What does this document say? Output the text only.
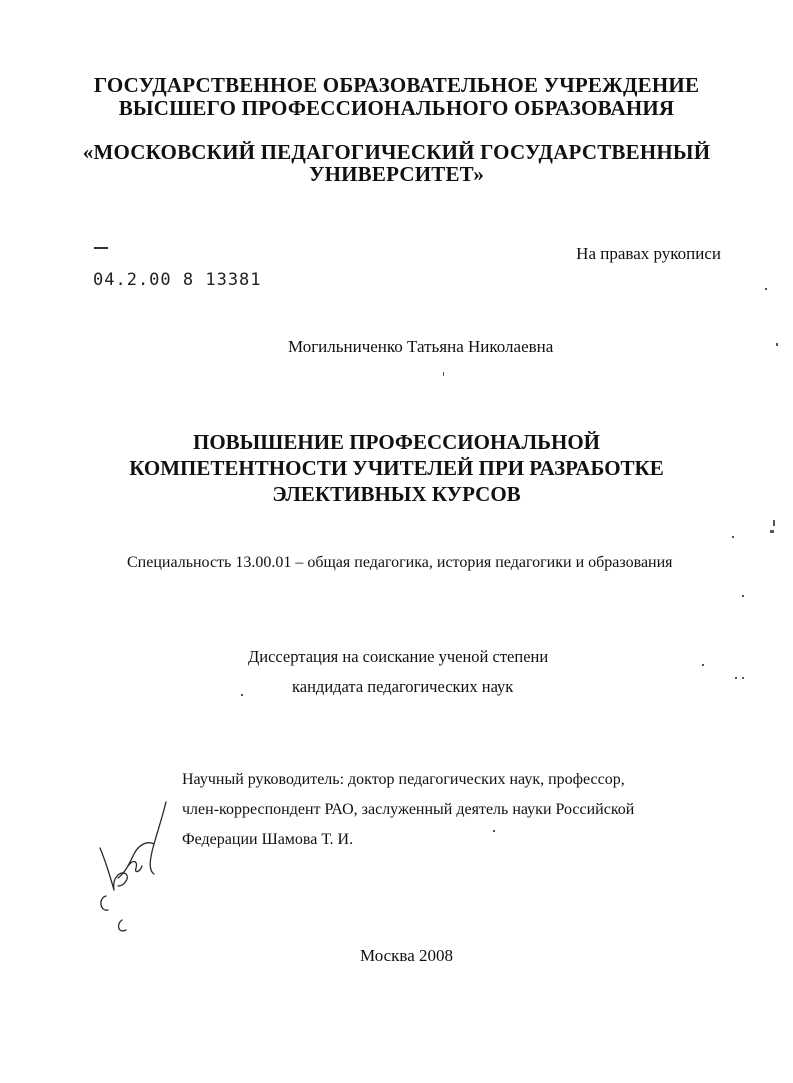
ГОСУДАРСТВЕННОЕ ОБРАЗОВАТЕЛЬНОЕ УЧРЕЖДЕНИЕ
ВЫСШЕГО ПРОФЕССИОНАЛЬНОГО ОБРАЗОВАНИЯ
«МОСКОВСКИЙ ПЕДАГОГИЧЕСКИЙ ГОСУДАРСТВЕННЫЙ
УНИВЕРСИТЕТ»
На правах рукописи
04.2.00 8 13381
Могильниченко Татьяна Николаевна
ПОВЫШЕНИЕ ПРОФЕССИОНАЛЬНОЙ
КОМПЕТЕНТНОСТИ УЧИТЕЛЕЙ ПРИ РАЗРАБОТКЕ
ЭЛЕКТИВНЫХ КУРСОВ
Специальность 13.00.01 – общая педагогика, история педагогики и образования
Диссертация на соискание ученой степени
кандидата педагогических наук
Научный руководитель: доктор педагогических наук, профессор,
член-корреспондент РАО, заслуженный деятель науки Российской
Федерации Шамова Т. И.
Москва 2008
